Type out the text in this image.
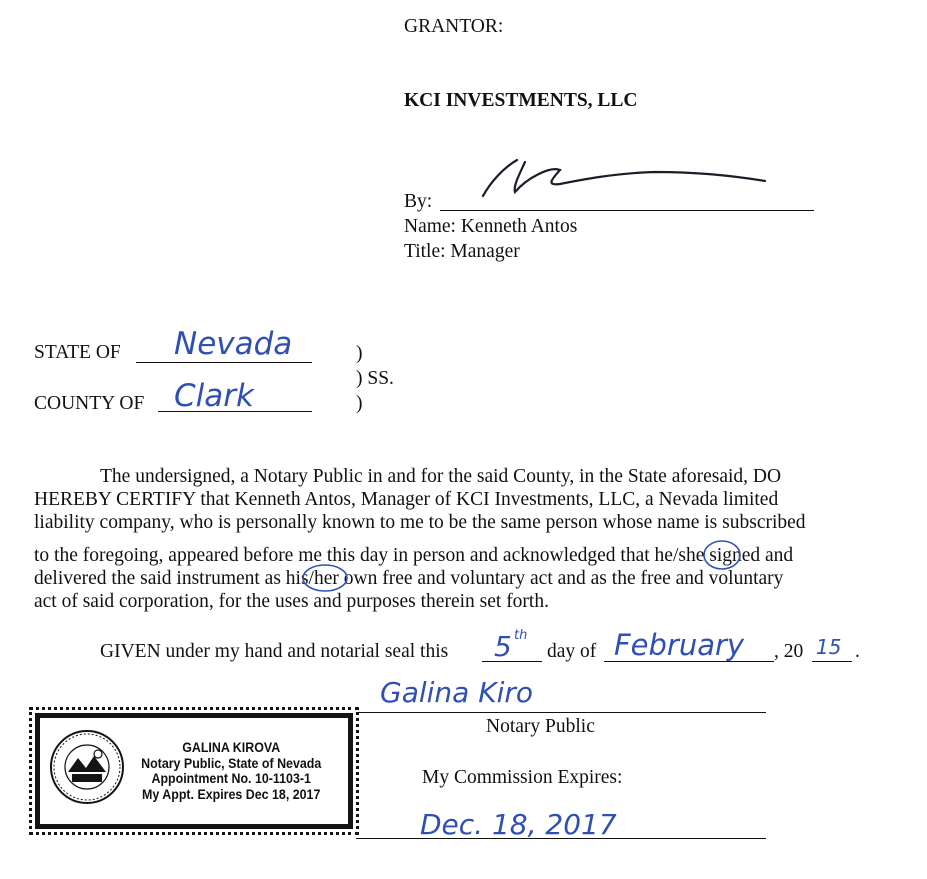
GRANTOR:
KCI INVESTMENTS, LLC
By:
Name: Kenneth Antos
Title: Manager
STATE OF Nevada
COUNTY OF Clark
)
) SS.
)
The undersigned, a Notary Public in and for the said County, in the State aforesaid, DO
HEREBY CERTIFY that Kenneth Antos, Manager of KCI Investments, LLC, a Nevada limited
liability company, who is personally known to me to be the same person whose name is subscribed
to the foregoing, appeared before me this day in person and acknowledged that he/she signed and
delivered the said instrument as his/her own free and voluntary act and as the free and voluntary
act of said corporation, for the uses and purposes therein set forth.
GIVEN under my hand and notarial seal this 5 th
day of February , 20 15 .
Galina Kiro
Notary Public
My Commission Expires:
Dec. 18, 2017
GALINA KIROVA
Notary Public, State of Nevada
Appointment No. 10-1103-1
My Appt. Expires Dec 18, 2017
